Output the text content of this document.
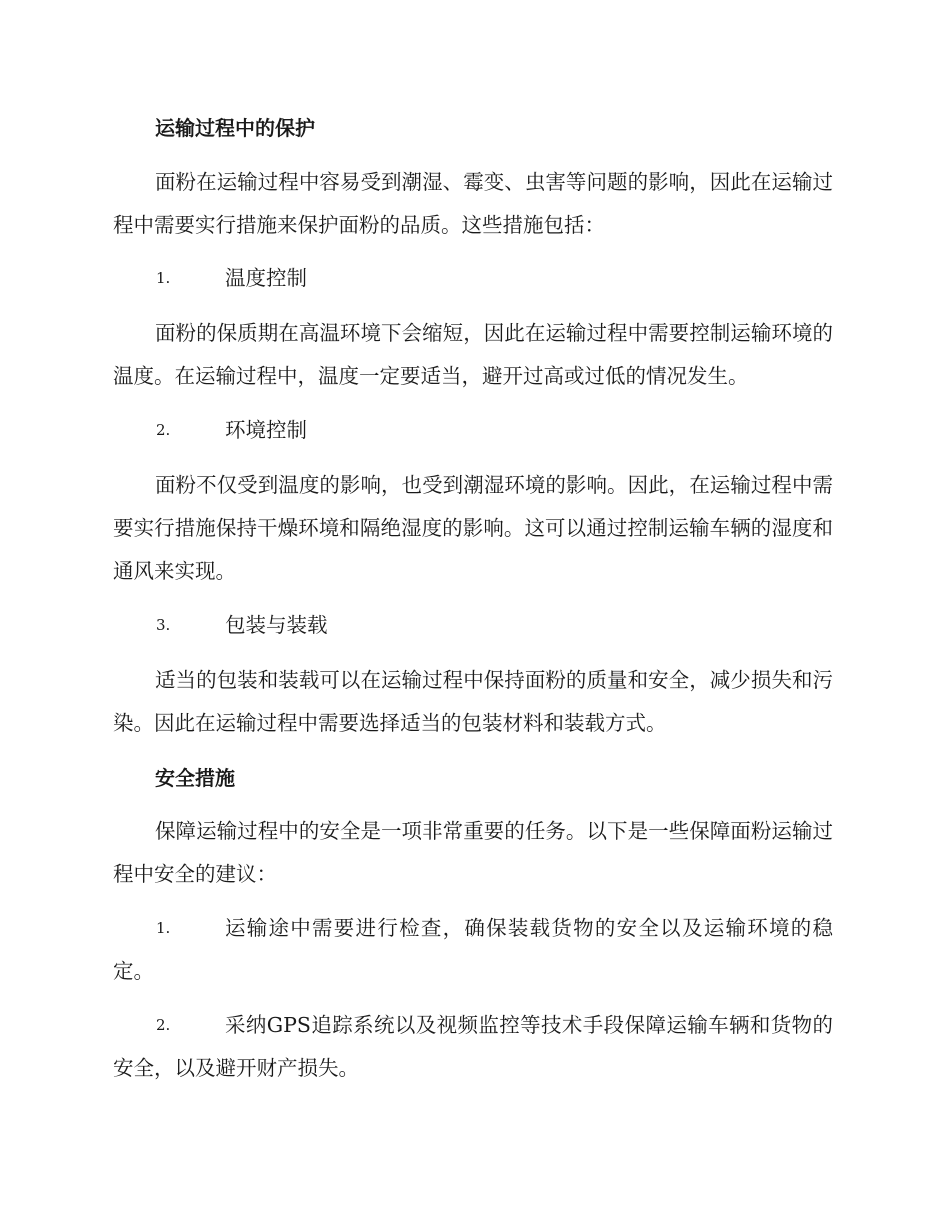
运输过程中的保护
面粉在运输过程中容易受到潮湿、霉变、虫害等问题的影响，因此在运输过程中需要实行措施来保护面粉的品质。这些措施包括：
1.	温度控制
面粉的保质期在高温环境下会缩短，因此在运输过程中需要控制运输环境的温度。在运输过程中，温度一定要适当，避开过高或过低的情况发生。
2.	环境控制
面粉不仅受到温度的影响，也受到潮湿环境的影响。因此，在运输过程中需要实行措施保持干燥环境和隔绝湿度的影响。这可以通过控制运输车辆的湿度和通风来实现。
3.	包装与装载
适当的包装和装载可以在运输过程中保持面粉的质量和安全，减少损失和污染。因此在运输过程中需要选择适当的包装材料和装载方式。
安全措施
保障运输过程中的安全是一项非常重要的任务。以下是一些保障面粉运输过程中安全的建议：
1.	运输途中需要进行检查，确保装载货物的安全以及运输环境的稳定。
2.	采纳GPS追踪系统以及视频监控等技术手段保障运输车辆和货物的安全，以及避开财产损失。
